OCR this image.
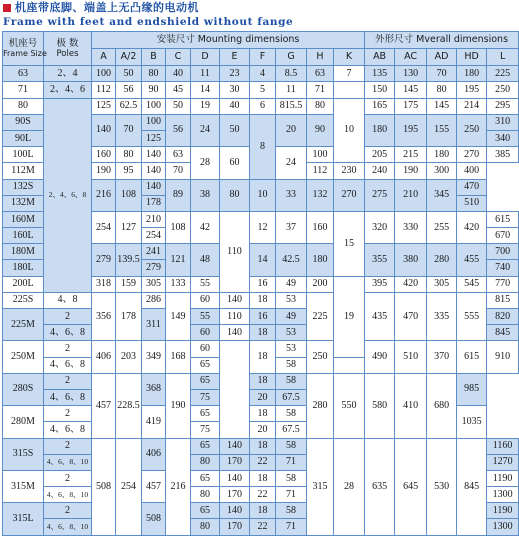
机座带底脚、端盖上无凸缘的电动机
Frame with feet and endshield without fange
机座号
Frame Size	极 数
Poles	安装尺寸 Mounting dimensions										外形尺寸 Mverall dimensions				
		A	A/2	B	C	D	E	F	G	H	K	AB	AC	AD	HD	L
63	2、4	100	50	80	40	11	23	4	8.5	63	7	135	130	70	180	225
71	2、4、6	112	56	90	45	14	30	5	11	71		150	145	80	195	250
80	2、4、6、8	125	62.5	100	50	19	40	6	815.5	80	10	165	175	145	214	295
90S		140	70	100	56	24	50	8	20	90		180	195	155	250	310
90L				125												340
100L		160	80	140	63	28	60		24	100		205	215	180	270	385
112M		190	95	140	70					112	230	240	190	300	400	
132S		216	108	140	89	38	80	10	33	132	270	275	210	345	470	
132M				178											510	
160M		254	127	210	108	42	110	12	37	160	15	320	330	255	420	615
160L				254												670
180M		279	139.5	241	121	48		14	42.5	180		355	380	280	455	700
180L				279												740
200L		318	159	305	133	55		16	49	200	19	395	420	305	545	770
225S	4、8	356	178	286	149	60	140	18	53	225		435	470	335	555	815
225M	2			311		55	110	16	49							820
	4、6、8					60	140	18	53							845
250M	2	406	203	349	168	60		18	53	250		490	510	370	615	910
	4、6、8					65			58							
280S	2	457	228.5	368	190	65		18	58	280	550	580	410	680	985	
	4、6、8					75		20	67.5							
280M	2			419		65		18	58						1035	
	4、6、8					75		20	67.5							
315S	2	508	254	406	216	65	140	18	58	315	28	635	645	530	845	1160
	4、6、8、10					80	170	22	71							1270
315M	2			457		65	140	18	58							1190
	4、6、8、10					80	170	22	71							1300
315L	2			508		65	140	18	58							1190
	4、6、8、10					80	170	22	71							1300
